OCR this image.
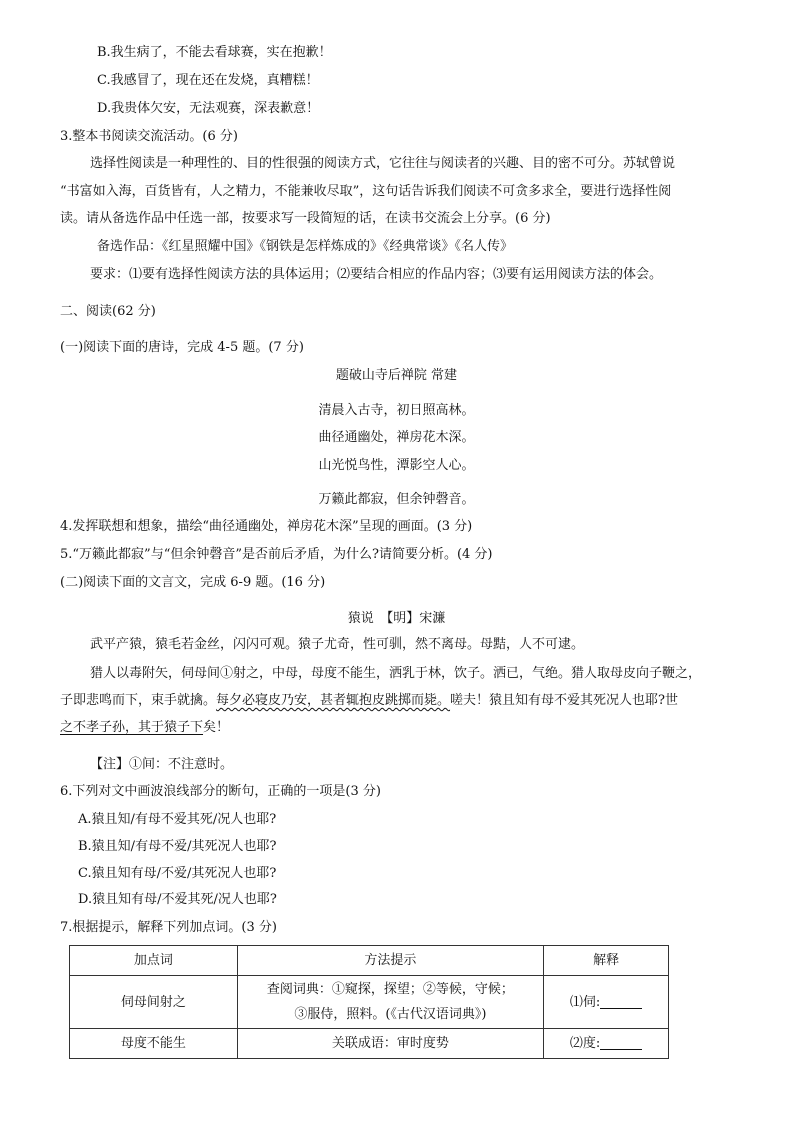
B.我生病了，不能去看球赛，实在抱歉！
C.我感冒了，现在还在发烧，真糟糕！
D.我贵体欠安，无法观赛，深表歉意！
3.整本书阅读交流活动。(6 分)
选择性阅读是一种理性的、目的性很强的阅读方式，它往往与阅读者的兴趣、目的密不可分。苏轼曾说
“书富如入海，百货皆有，人之精力，不能兼收尽取”，这句话告诉我们阅读不可贪多求全，要进行选择性阅
读。请从备选作品中任选一部，按要求写一段简短的话，在读书交流会上分享。(6 分)
备选作品：《红星照耀中国》《钢铁是怎样炼成的》《经典常谈》《名人传》
要求：⑴要有选择性阅读方法的具体运用；⑵要结合相应的作品内容；⑶要有运用阅读方法的体会。
二、阅读(62 分)
(一)阅读下面的唐诗，完成 4-5 题。(7 分)
题破山寺后禅院 常建
清晨入古寺，初日照高林。
曲径通幽处，禅房花木深。
山光悦鸟性，潭影空人心。
万籁此都寂，但余钟磬音。
4.发挥联想和想象，描绘“曲径通幽处，禅房花木深”呈现的画面。(3 分)
5.“万籁此都寂”与“但余钟磬音”是否前后矛盾，为什么?请简要分析。(4 分)
(二)阅读下面的文言文，完成 6-9 题。(16 分)
猿说　【明】宋濂
武平产猿，猿毛若金丝，闪闪可观。猿子尤奇，性可驯，然不离母。母黠，人不可逮。
猎人以毒附矢，伺母间①射之，中母，母度不能生，洒乳于林，饮子。洒已，气绝。猎人取母皮向子鞭之，
子即悲鸣而下，束手就擒。每夕必寝皮乃安，甚者辄抱皮跳掷而毙。嗟夫！猿且知有母不爱其死况人也耶?世
之不孝子孙，其于猿子下矣！
【注】①间：不注意时。
6.下列对文中画波浪线部分的断句，正确的一项是(3 分)
A.猿且知/有母不爱其死/况人也耶?
B.猿且知/有母不爱/其死况人也耶?
C.猿且知有母/不爱/其死况人也耶?
D.猿且知有母/不爱其死/况人也耶?
7.根据提示，解释下列加点词。(3 分)
加点词	方法提示	解释
伺母间射之	查阅词典：①窥探，探望；②等候，守候；
③服侍，照料。(《古代汉语词典》)	⑴伺:
母度不能生	关联成语：审时度势	⑵度:
